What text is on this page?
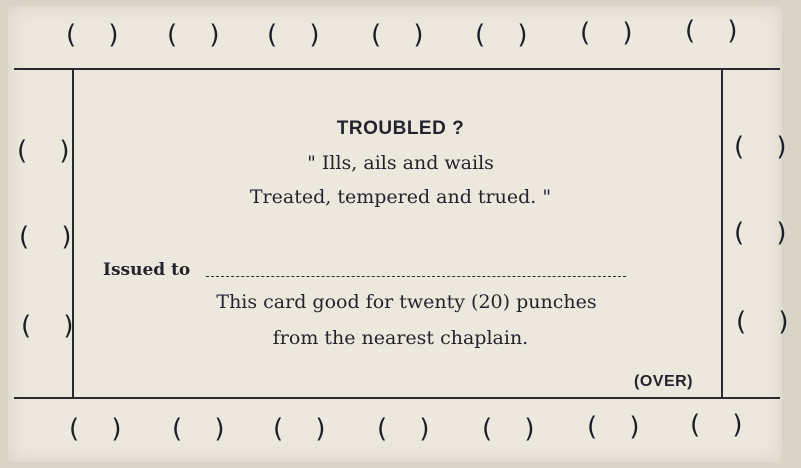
( ) ( ) ( ) ( ) ( ) ( ) ( )
( )
( )
( )
( )
( )
( )
( ) ( ) ( ) ( ) ( ) ( ) ( )
TROUBLED ?
" Ills, ails and wails
Treated, tempered and trued. "
Issued to
This card good for twenty (20) punches
from the nearest chaplain.
(OVER)
